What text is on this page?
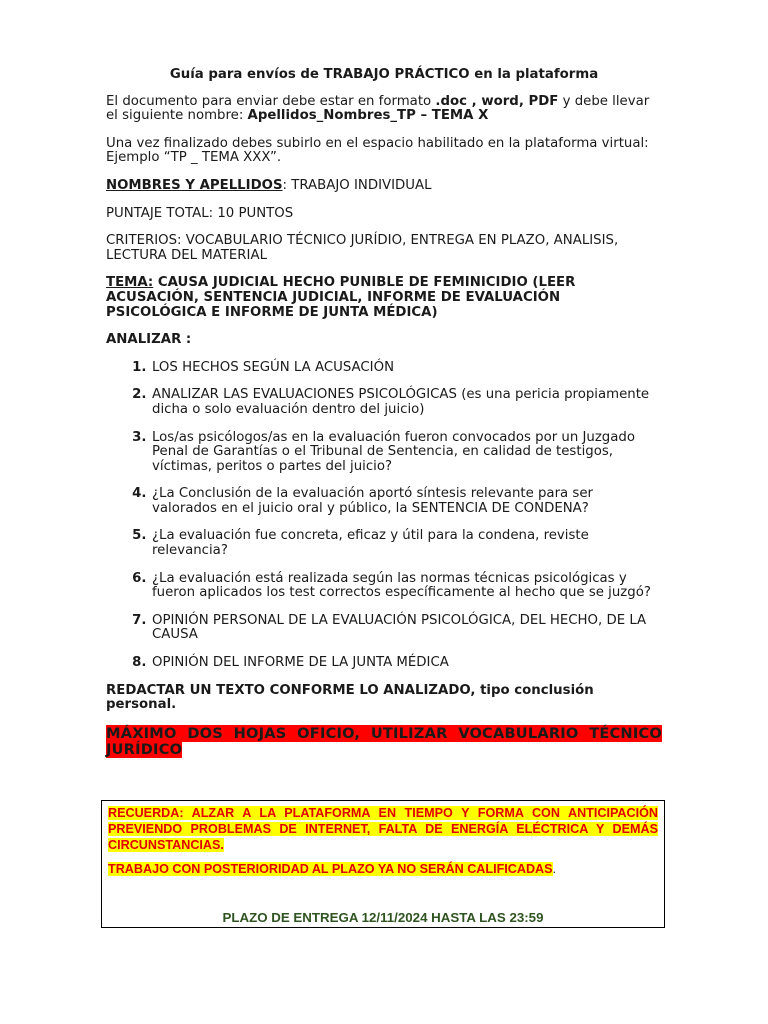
Guía para envíos de TRABAJO PRÁCTICO en la plataforma

El documento para enviar debe estar en formato .doc , word, PDF y debe llevar el siguiente nombre: Apellidos_Nombres_TP – TEMA X

Una vez finalizado debes subirlo en el espacio habilitado en la plataforma virtual: Ejemplo “TP _ TEMA XXX”.

NOMBRES Y APELLIDOS: TRABAJO INDIVIDUAL

PUNTAJE TOTAL: 10 PUNTOS

CRITERIOS: VOCABULARIO TÉCNICO JURÍDIO, ENTREGA EN PLAZO, ANALISIS, LECTURA DEL MATERIAL

TEMA: CAUSA JUDICIAL HECHO PUNIBLE DE FEMINICIDIO (LEER ACUSACIÓN, SENTENCIA JUDICIAL, INFORME DE EVALUACIÓN PSICOLÓGICA E INFORME DE JUNTA MÉDICA)

ANALIZAR :

1. LOS HECHOS SEGÚN LA ACUSACIÓN
2. ANALIZAR LAS EVALUACIONES PSICOLÓGICAS (es una pericia propiamente dicha o solo evaluación dentro del juicio)
3. Los/as psicólogos/as en la evaluación fueron convocados por un Juzgado Penal de Garantías o el Tribunal de Sentencia, en calidad de testigos, víctimas, peritos o partes del juicio?
4. ¿La Conclusión de la evaluación aportó síntesis relevante para ser valorados en el juicio oral y público, la SENTENCIA DE CONDENA?
5. ¿La evaluación fue concreta, eficaz y útil para la condena, reviste relevancia?
6. ¿La evaluación está realizada según las normas técnicas psicológicas y fueron aplicados los test correctos específicamente al hecho que se juzgó?
7. OPINIÓN PERSONAL DE LA EVALUACIÓN PSICOLÓGICA, DEL HECHO, DE LA CAUSA
8. OPINIÓN DEL INFORME DE LA JUNTA MÉDICA

REDACTAR UN TEXTO CONFORME LO ANALIZADO, tipo conclusión personal.

MÁXIMO DOS HOJAS OFICIO, UTILIZAR VOCABULARIO TÉCNICO JURÍDICO

RECUERDA: ALZAR A LA PLATAFORMA EN TIEMPO Y FORMA CON ANTICIPACIÓN PREVIENDO PROBLEMAS DE INTERNET, FALTA DE ENERGÍA ELÉCTRICA Y DEMÁS CIRCUNSTANCIAS.

TRABAJO CON POSTERIORIDAD AL PLAZO YA NO SERÁN CALIFICADAS.

PLAZO DE ENTREGA 12/11/2024 HASTA LAS 23:59
